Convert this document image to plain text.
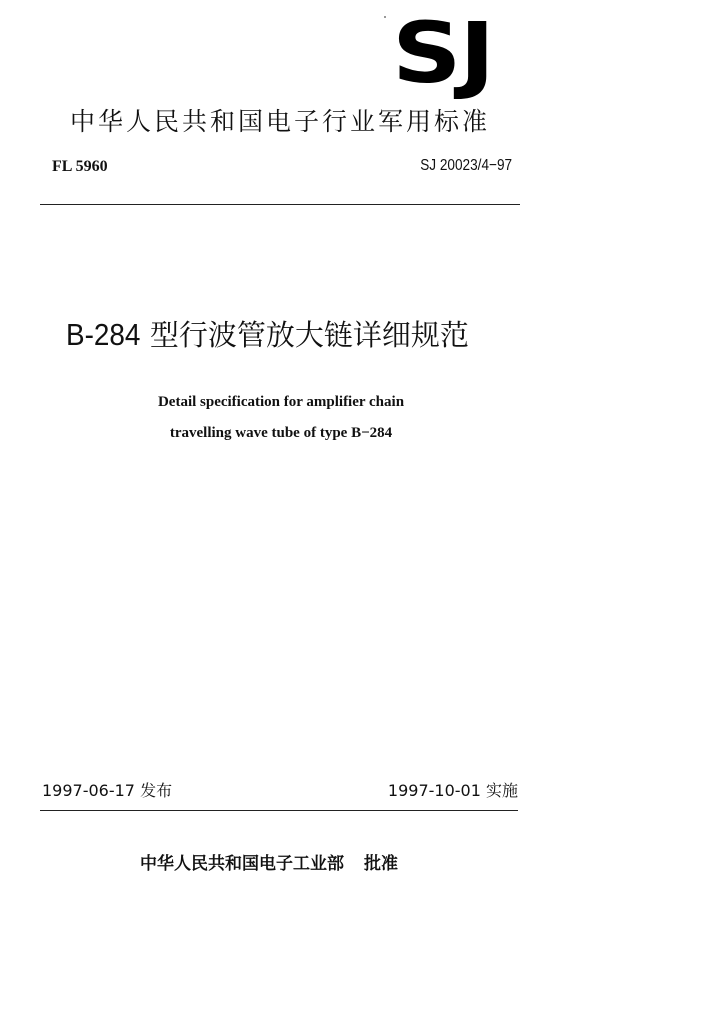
SJ
中华人民共和国电子行业军用标准
FL 5960	SJ 20023/4−97
B-284 型行波管放大链详细规范
Detail specification for amplifier chain
travelling wave tube of type B−284
1997-06-17 发布	1997-10-01 实施
中华人民共和国电子工业部 批准
